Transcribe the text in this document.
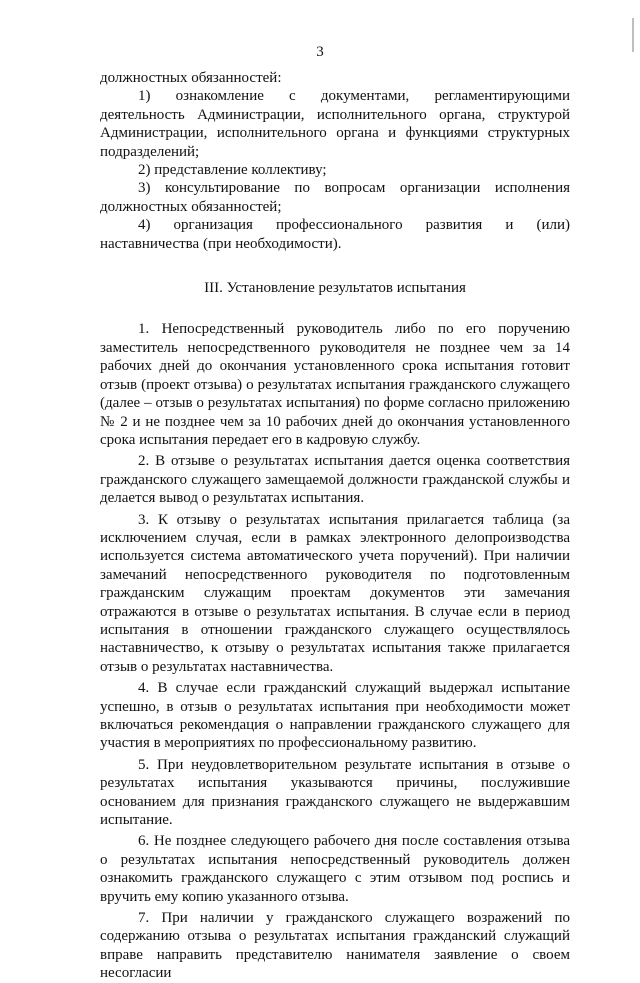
3

должностных обязанностей:

1) ознакомление с документами, регламентирующими деятельность Администрации, исполнительного органа, структурой Администрации, исполнительного органа и функциями структурных подразделений;

2) представление коллективу;

3) консультирование по вопросам организации исполнения должностных обязанностей;

4) организация профессионального развития и (или) наставничества (при необходимости).

III. Установление результатов испытания

1. Непосредственный руководитель либо по его поручению заместитель непосредственного руководителя не позднее чем за 14 рабочих дней до окончания установленного срока испытания готовит отзыв (проект отзыва) о результатах испытания гражданского служащего (далее – отзыв о результатах испытания) по форме согласно приложению № 2 и не позднее чем за 10 рабочих дней до окончания установленного срока испытания передает его в кадровую службу.

2. В отзыве о результатах испытания дается оценка соответствия гражданского служащего замещаемой должности гражданской службы и делается вывод о результатах испытания.

3. К отзыву о результатах испытания прилагается таблица (за исключением случая, если в рамках электронного делопроизводства используется система автоматического учета поручений). При наличии замечаний непосредственного руководителя по подготовленным гражданским служащим проектам документов эти замечания отражаются в отзыве о результатах испытания. В случае если в период испытания в отношении гражданского служащего осуществлялось наставничество, к отзыву о результатах испытания также прилагается отзыв о результатах наставничества.

4. В случае если гражданский служащий выдержал испытание успешно, в отзыв о результатах испытания при необходимости может включаться рекомендация о направлении гражданского служащего для участия в мероприятиях по профессиональному развитию.

5. При неудовлетворительном результате испытания в отзыве о результатах испытания указываются причины, послужившие основанием для признания гражданского служащего не выдержавшим испытание.

6. Не позднее следующего рабочего дня после составления отзыва о результатах испытания непосредственный руководитель должен ознакомить гражданского служащего с этим отзывом под роспись и вручить ему копию указанного отзыва.

7. При наличии у гражданского служащего возражений по содержанию отзыва о результатах испытания гражданский служащий вправе направить представителю нанимателя заявление о своем несогласии
